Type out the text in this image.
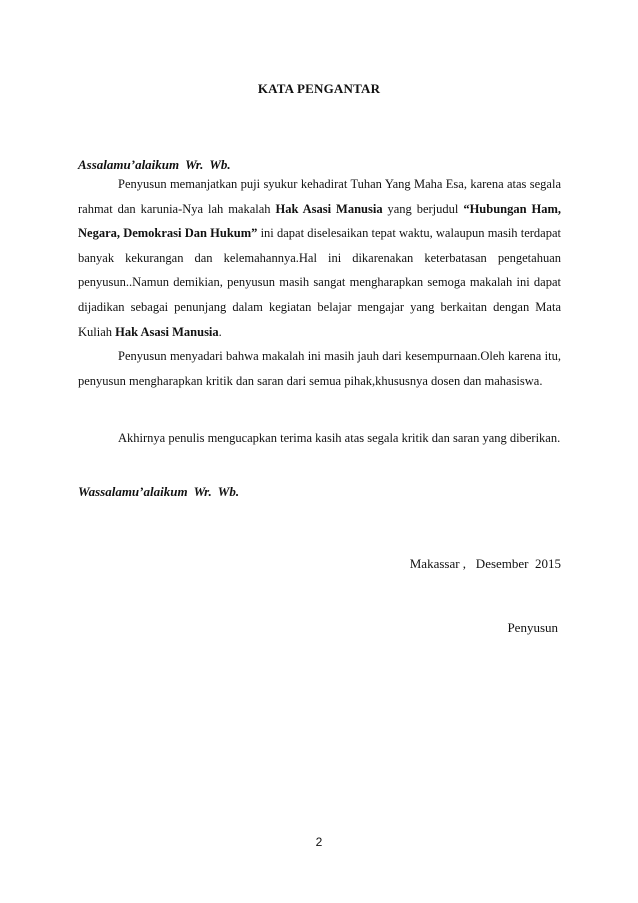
KATA PENGANTAR
Assalamu’alaikum Wr. Wb.

Penyusun memanjatkan puji syukur kehadirat Tuhan Yang Maha Esa, karena atas segala rahmat dan karunia-Nya lah makalah Hak Asasi Manusia yang berjudul “Hubungan Ham, Negara, Demokrasi Dan Hukum” ini dapat diselesaikan tepat waktu, walaupun masih terdapat banyak kekurangan dan kelemahannya.Hal ini dikarenakan keterbatasan pengetahuan penyusun..Namun demikian, penyusun masih sangat mengharapkan semoga makalah ini dapat dijadikan sebagai penunjang dalam kegiatan belajar mengajar yang berkaitan dengan Mata Kuliah Hak Asasi Manusia.

Penyusun menyadari bahwa makalah ini masih jauh dari kesempurnaan.Oleh karena itu, penyusun mengharapkan kritik dan saran dari semua pihak,khususnya dosen dan mahasiswa.

Akhirnya penulis mengucapkan terima kasih atas segala kritik dan saran yang diberikan.

Wassalamu’alaikum Wr. Wb.
Makassar ,   Desember  2015
Penyusun
2
